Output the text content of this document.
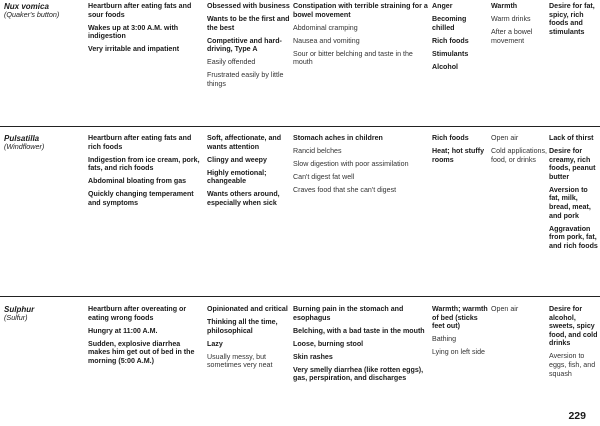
Nux vomica
(Quaker's button)
Heartburn after eating fats and sour foods
Wakes up at 3:00 A.M. with indigestion
Very irritable and impatient
Obsessed with business
Wants to be the first and the best
Competitive and hard-driving, Type A
Easily offended
Frustrated easily by little things
Constipation with terrible straining for a bowel movement
Abdominal cramping
Nausea and vomiting
Sour or bitter belching and taste in the mouth
Anger
Becoming chilled
Rich foods
Stimulants
Alcohol
Warmth
Warm drinks
After a bowel movement
Desire for fat, spicy, rich foods and stimulants
Pulsatilla
(Windflower)
Heartburn after eating fats and rich foods
Indigestion from ice cream, pork, fats, and rich foods
Abdominal bloating from gas
Quickly changing temperament and symptoms
Soft, affectionate, and wants attention
Clingy and weepy
Highly emotional; changeable
Wants others around, especially when sick
Stomach aches in children
Rancid belches
Slow digestion with poor assimilation
Can't digest fat well
Craves food that she can't digest
Rich foods
Heat; hot stuffy rooms
Open air
Cold applications, food, or drinks
Lack of thirst
Desire for creamy, rich foods, peanut butter
Aversion to fat, milk, bread, meat, and pork
Aggravation from pork, fat, and rich foods
Sulphur
(Sulfur)
Heartburn after overeating or eating wrong foods
Hungry at 11:00 A.M.
Sudden, explosive diarrhea makes him get out of bed in the morning (5:00 A.M.)
Opinionated and critical
Thinking all the time, philosophical
Lazy
Usually messy, but sometimes very neat
Burning pain in the stomach and esophagus
Belching, with a bad taste in the mouth
Loose, burning stool
Skin rashes
Very smelly diarrhea (like rotten eggs), gas, perspiration, and discharges
Warmth; warmth of bed (sticks feet out)
Bathing
Lying on left side
Open air	Desire for alcohol, sweets, spicy food, and cold drinks
Aversion to eggs, fish, and squash
229
